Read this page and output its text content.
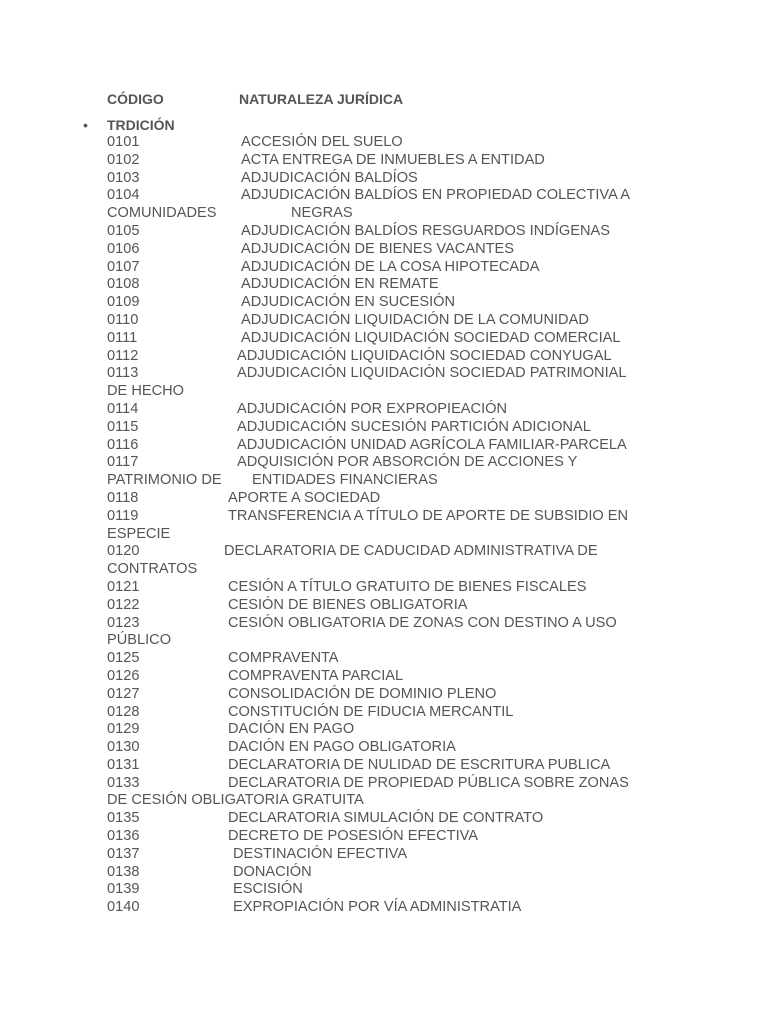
CÓDIGO	NATURALEZA JURÍDICA
• TRDICIÓN
0101	ACCESIÓN DEL SUELO
0102	ACTA ENTREGA DE INMUEBLES A ENTIDAD
0103	ADJUDICACIÓN BALDÍOS
0104	ADJUDICACIÓN BALDÍOS EN PROPIEDAD COLECTIVA A
COMUNIDADES	NEGRAS
0105	ADJUDICACIÓN BALDÍOS RESGUARDOS INDÍGENAS
0106	ADJUDICACIÓN DE BIENES VACANTES
0107	ADJUDICACIÓN DE LA COSA HIPOTECADA
0108	ADJUDICACIÓN EN REMATE
0109	ADJUDICACIÓN EN SUCESIÓN
0110	ADJUDICACIÓN LIQUIDACIÓN DE LA COMUNIDAD
0111	ADJUDICACIÓN LIQUIDACIÓN SOCIEDAD COMERCIAL
0112	ADJUDICACIÓN LIQUIDACIÓN SOCIEDAD CONYUGAL
0113	ADJUDICACIÓN LIQUIDACIÓN SOCIEDAD PATRIMONIAL
DE HECHO
0114	ADJUDICACIÓN POR EXPROPIEACIÓN
0115	ADJUDICACIÓN SUCESIÓN PARTICIÓN ADICIONAL
0116	ADJUDICACIÓN UNIDAD AGRÍCOLA FAMILIAR-PARCELA
0117	ADQUISICIÓN POR ABSORCIÓN DE ACCIONES Y
PATRIMONIO DE ENTIDADES FINANCIERAS
0118	APORTE A SOCIEDAD
0119	TRANSFERENCIA A TÍTULO DE APORTE DE SUBSIDIO EN
ESPECIE
0120	DECLARATORIA DE CADUCIDAD ADMINISTRATIVA DE
CONTRATOS
0121	CESIÓN A TÍTULO GRATUITO DE BIENES FISCALES
0122	CESIÓN DE BIENES OBLIGATORIA
0123	CESIÓN OBLIGATORIA DE ZONAS CON DESTINO A USO
PÚBLICO
0125	COMPRAVENTA
0126	COMPRAVENTA PARCIAL
0127	CONSOLIDACIÓN DE DOMINIO PLENO
0128	CONSTITUCIÓN DE FIDUCIA MERCANTIL
0129	DACIÓN EN PAGO
0130	DACIÓN EN PAGO OBLIGATORIA
0131	DECLARATORIA DE NULIDAD DE ESCRITURA PUBLICA
0133	DECLARATORIA DE PROPIEDAD PÚBLICA SOBRE ZONAS
DE CESIÓN OBLIGATORIA GRATUITA
0135	DECLARATORIA SIMULACIÓN DE CONTRATO
0136	DECRETO DE POSESIÓN EFECTIVA
0137	DESTINACIÓN EFECTIVA
0138	DONACIÓN
0139	ESCISIÓN
0140	EXPROPIACIÓN POR VÍA ADMINISTRATIA
